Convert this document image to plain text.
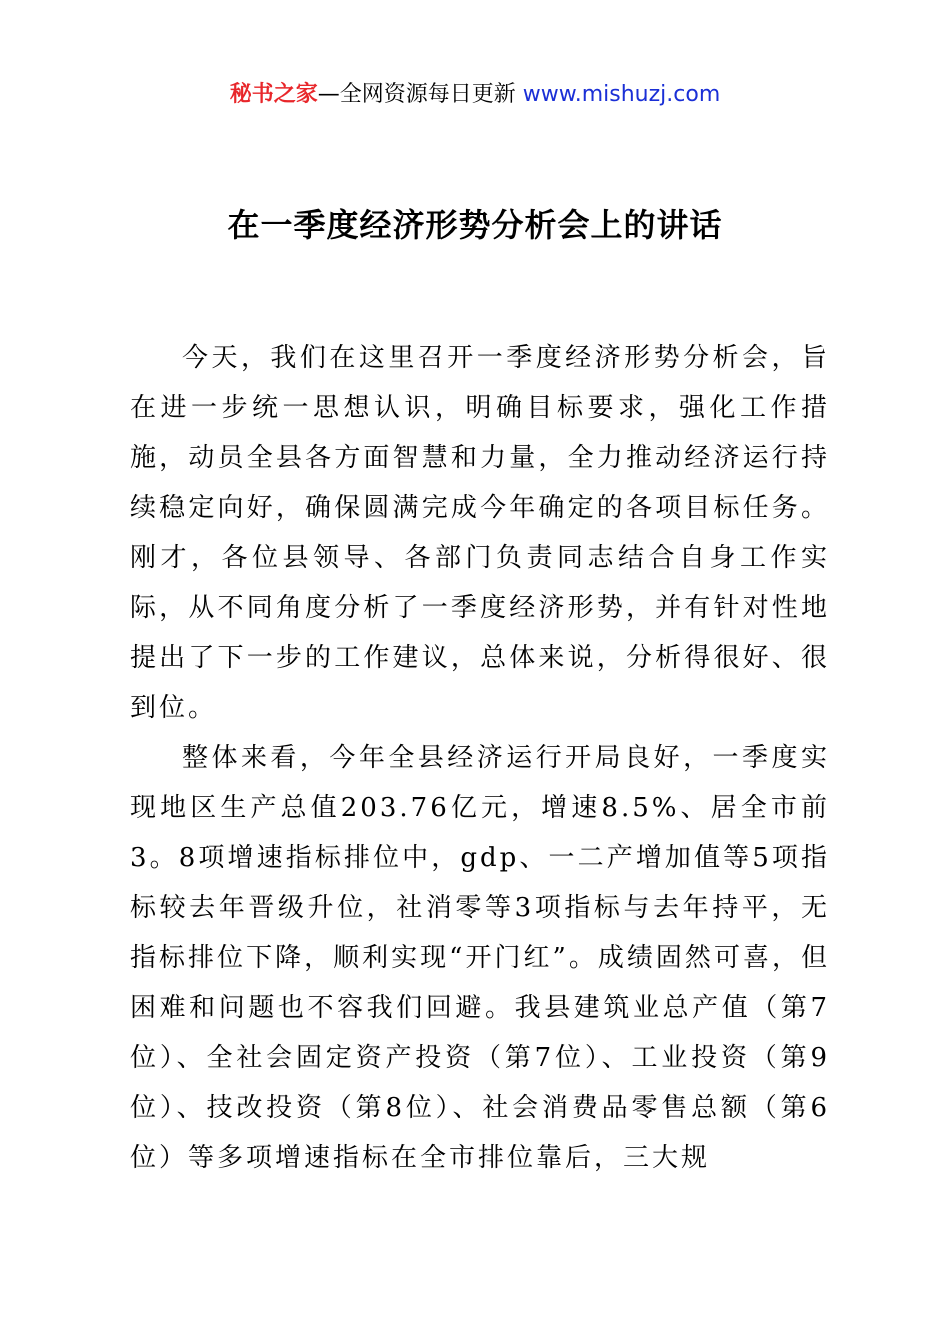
秘书之家—全网资源每日更新 www.mishuzj.com
在一季度经济形势分析会上的讲话

今天，我们在这里召开一季度经济形势分析会，旨在进一步统一思想认识，明确目标要求，强化工作措施，动员全县各方面智慧和力量，全力推动经济运行持续稳定向好，确保圆满完成今年确定的各项目标任务。刚才，各位县领导、各部门负责同志结合自身工作实际，从不同角度分析了一季度经济形势，并有针对性地提出了下一步的工作建议，总体来说，分析得很好、很到位。

整体来看，今年全县经济运行开局良好，一季度实现地区生产总值203.76亿元，增速8.5%、居全市前3。8项增速指标排位中，gdp、一二产增加值等5项指标较去年晋级升位，社消零等3项指标与去年持平，无指标排位下降，顺利实现“开门红”。成绩固然可喜，但困难和问题也不容我们回避。我县建筑业总产值（第7位）、全社会固定资产投资（第7位）、工业投资（第9位）、技改投资（第8位）、社会消费品零售总额（第6位）等多项增速指标在全市排位靠后，三大规
